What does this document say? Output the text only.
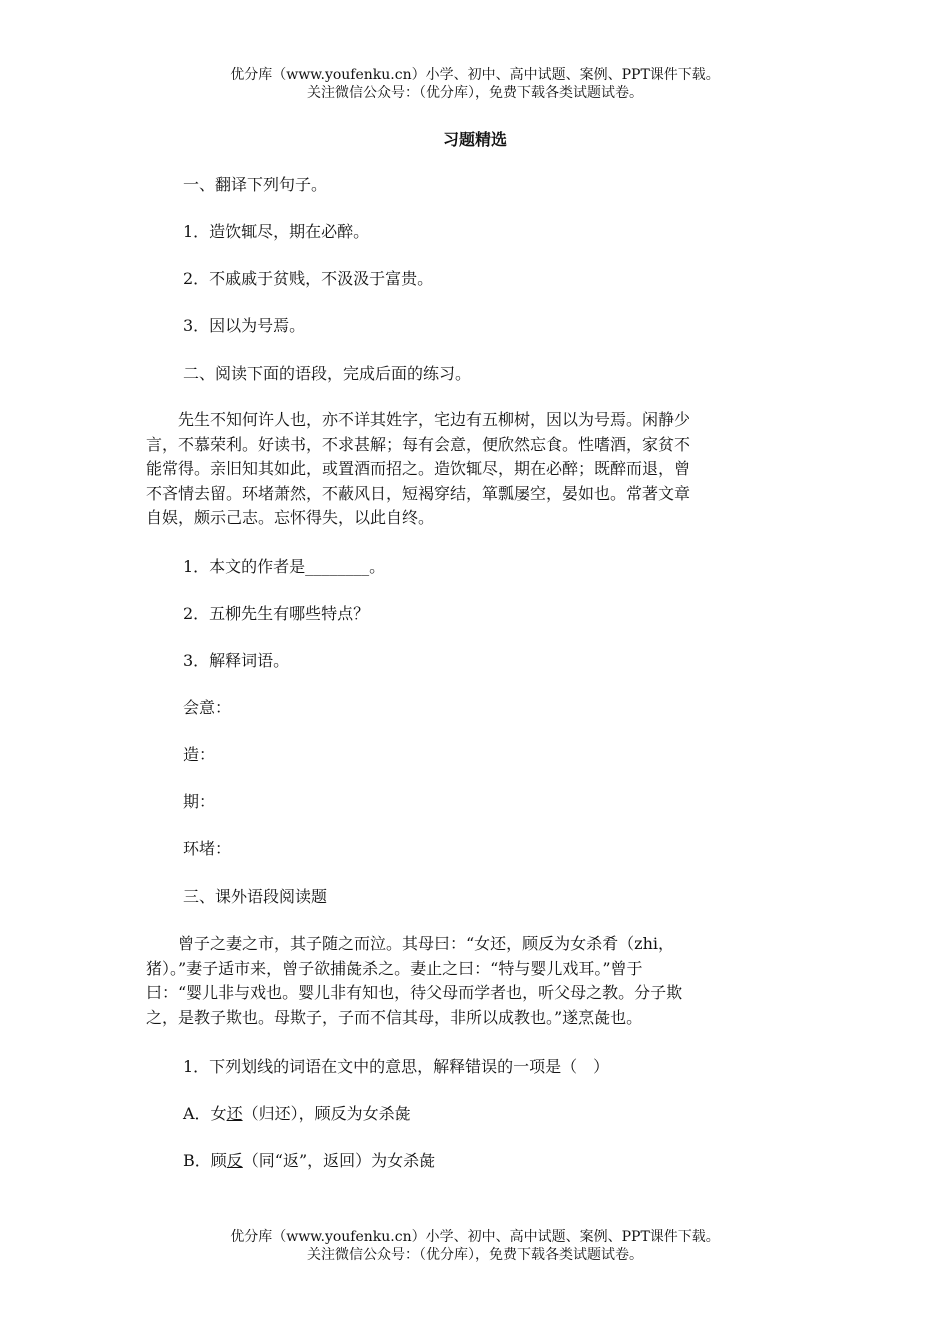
优分库（www.youfenku.cn）小学、初中、高中试题、案例、PPT课件下载。
关注微信公众号：（优分库），免费下载各类试题试卷。
习题精选
一、翻译下列句子。
1．造饮辄尽，期在必醉。
2．不戚戚于贫贱，不汲汲于富贵。
3．因以为号焉。
二、阅读下面的语段，完成后面的练习。
　　先生不知何许人也，亦不详其姓字，宅边有五柳树，因以为号焉。闲静少
言，不慕荣利。好读书，不求甚解；每有会意，便欣然忘食。性嗜酒，家贫不
能常得。亲旧知其如此，或置酒而招之。造饮辄尽，期在必醉；既醉而退，曾
不吝情去留。环堵萧然，不蔽风日，短褐穿结，箪瓢屡空，晏如也。常著文章
自娱，颇示己志。忘怀得失，以此自终。
1．本文的作者是________。
2．五柳先生有哪些特点？
3．解释词语。
会意：
造：
期：
环堵：
三、课外语段阅读题
　　曾子之妻之市，其子随之而泣。其母曰：“女还，顾反为女杀肴（zhi，
猪）。”妻子适市来，曾子欲捕彘杀之。妻止之曰：“特与婴儿戏耳。”曾于
曰：“婴儿非与戏也。婴儿非有知也，待父母而学者也，听父母之教。分子欺
之，是教子欺也。母欺子，子而不信其母，非所以成教也。”遂烹彘也。
1．下列划线的词语在文中的意思，解释错误的一项是（　）
A．女还（归还），顾反为女杀彘
B．顾反（同“返”，返回）为女杀彘
优分库（www.youfenku.cn）小学、初中、高中试题、案例、PPT课件下载。
关注微信公众号：（优分库），免费下载各类试题试卷。
